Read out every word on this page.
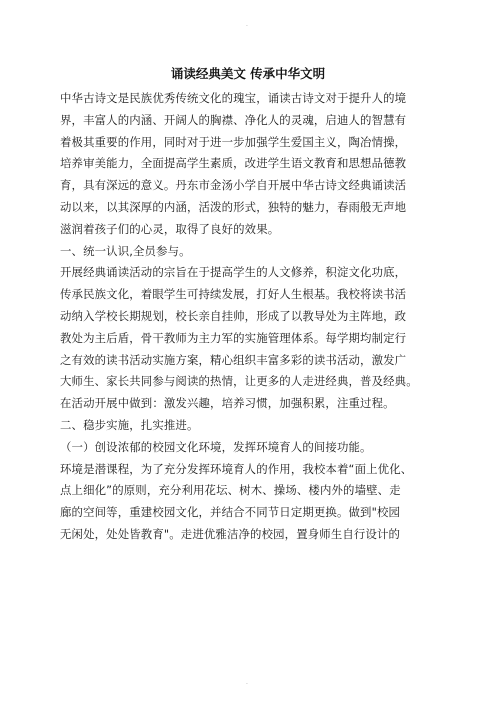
.
诵读经典美文 传承中华文明
中华古诗文是民族优秀传统文化的瑰宝，诵读古诗文对于提升人的境
界，丰富人的内涵、开阔人的胸襟、净化人的灵魂，启迪人的智慧有
着极其重要的作用，同时对于进一步加强学生爱国主义，陶冶情操，
培养审美能力，全面提高学生素质，改进学生语文教育和思想品德教
育，具有深远的意义。丹东市金汤小学自开展中华古诗文经典诵读活
动以来，以其深厚的内涵，活泼的形式，独特的魅力，春雨般无声地
滋润着孩子们的心灵，取得了良好的效果。
一、统一认识,全员参与。
开展经典诵读活动的宗旨在于提高学生的人文修养，积淀文化功底，
传承民族文化，着眼学生可持续发展，打好人生根基。我校将读书活
动纳入学校长期规划，校长亲自挂帅，形成了以教导处为主阵地，政
教处为主后盾，骨干教师为主力军的实施管理体系。每学期均制定行
之有效的读书活动实施方案，精心组织丰富多彩的读书活动，激发广
大师生、家长共同参与阅读的热情，让更多的人走进经典，普及经典。
在活动开展中做到：激发兴趣，培养习惯，加强积累，注重过程。
二、稳步实施，扎实推进。
（一）创设浓郁的校园文化环境，发挥环境育人的间接功能。
环境是潜课程，为了充分发挥环境育人的作用，我校本着“面上优化、
点上细化”的原则，充分利用花坛、树木、操场、楼内外的墙壁、走
廊的空间等，重建校园文化，并结合不同节日定期更换。做到"校园
无闲处，处处皆教育"。走进优雅洁净的校园，置身师生自行设计的
.
